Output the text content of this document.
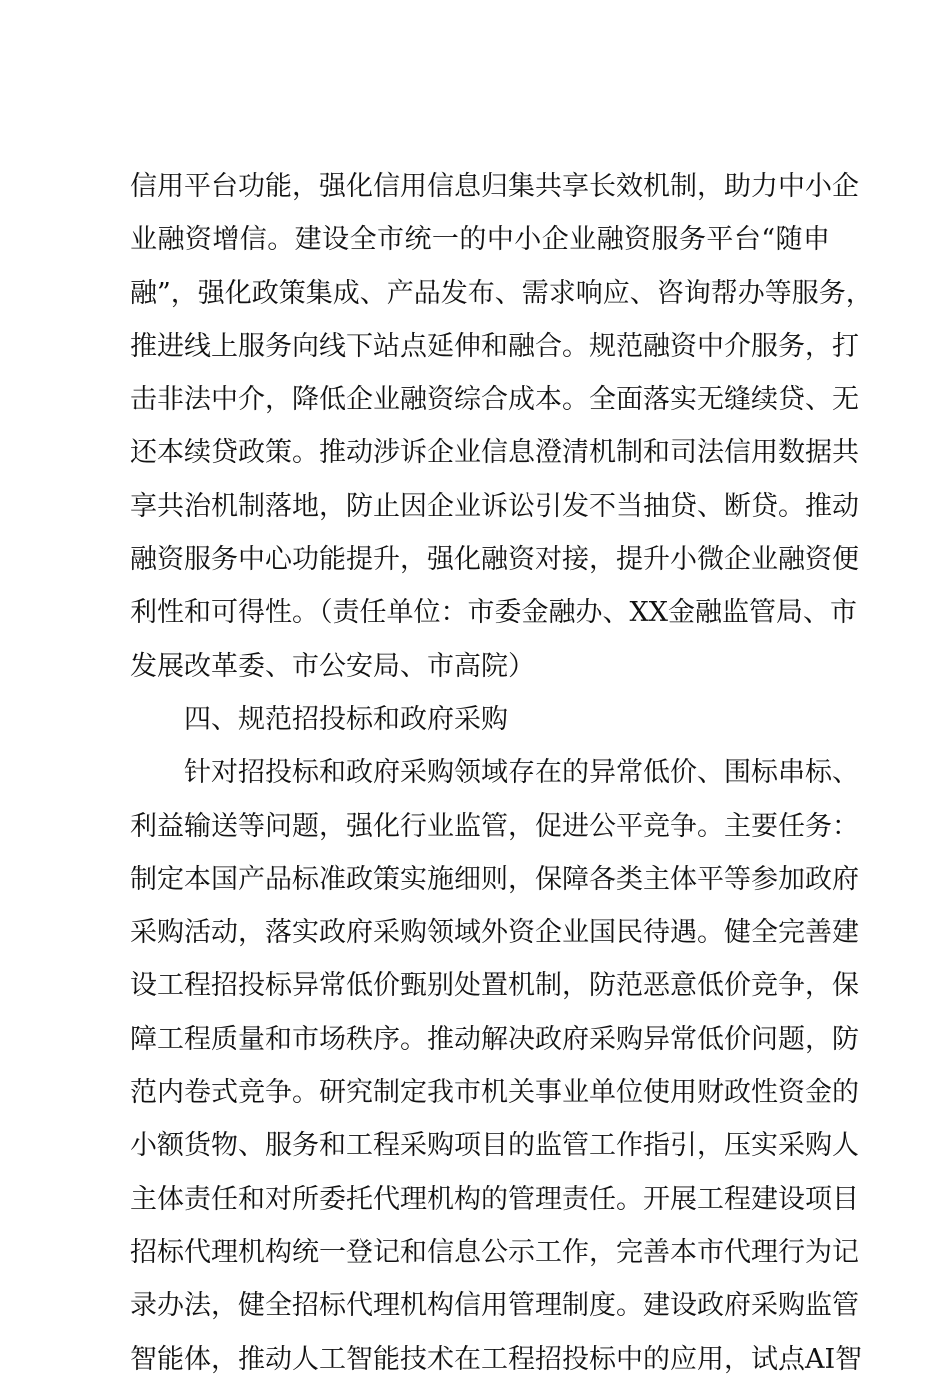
信用平台功能，强化信用信息归集共享长效机制，助力中小企
业融资增信。建设全市统一的中小企业融资服务平台“随申
融”，强化政策集成、产品发布、需求响应、咨询帮办等服务，
推进线上服务向线下站点延伸和融合。规范融资中介服务，打
击非法中介，降低企业融资综合成本。全面落实无缝续贷、无
还本续贷政策。推动涉诉企业信息澄清机制和司法信用数据共
享共治机制落地，防止因企业诉讼引发不当抽贷、断贷。推动
融资服务中心功能提升，强化融资对接，提升小微企业融资便
利性和可得性。（责任单位：市委金融办、XX金融监管局、市
发展改革委、市公安局、市高院）
四、规范招投标和政府采购
针对招投标和政府采购领域存在的异常低价、围标串标、
利益输送等问题，强化行业监管，促进公平竞争。主要任务：
制定本国产品标准政策实施细则，保障各类主体平等参加政府
采购活动，落实政府采购领域外资企业国民待遇。健全完善建
设工程招投标异常低价甄别处置机制，防范恶意低价竞争，保
障工程质量和市场秩序。推动解决政府采购异常低价问题，防
范内卷式竞争。研究制定我市机关事业单位使用财政性资金的
小额货物、服务和工程采购项目的监管工作指引，压实采购人
主体责任和对所委托代理机构的管理责任。开展工程建设项目
招标代理机构统一登记和信息公示工作，完善本市代理行为记
录办法，健全招标代理机构信用管理制度。建设政府采购监管
智能体，推动人工智能技术在工程招投标中的应用，试点AI智
